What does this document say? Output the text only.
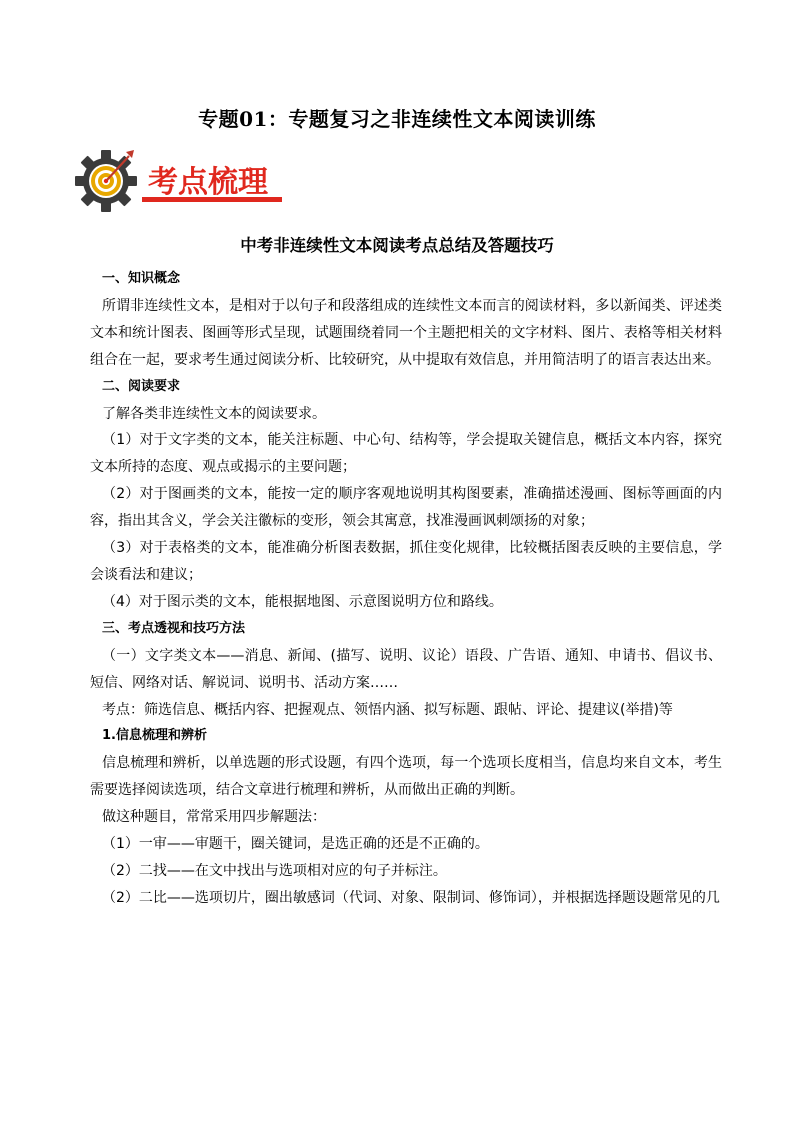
专题01：专题复习之非连续性文本阅读训练
考点梳理
中考非连续性文本阅读考点总结及答题技巧

一、知识概念

所谓非连续性文本，是相对于以句子和段落组成的连续性文本而言的阅读材料，多以新闻类、评述类文本和统计图表、图画等形式呈现，试题围绕着同一个主题把相关的文字材料、图片、表格等相关材料组合在一起，要求考生通过阅读分析、比较研究，从中提取有效信息，并用简洁明了的语言表达出来。

二、阅读要求

了解各类非连续性文本的阅读要求。

（1）对于文字类的文本，能关注标题、中心句、结构等，学会提取关键信息，概括文本内容，探究文本所持的态度、观点或揭示的主要问题；

（2）对于图画类的文本，能按一定的顺序客观地说明其构图要素，准确描述漫画、图标等画面的内容，指出其含义，学会关注徽标的变形，领会其寓意，找准漫画讽刺颂扬的对象；

（3）对于表格类的文本，能准确分析图表数据，抓住变化规律，比较概括图表反映的主要信息，学会谈看法和建议；

（4）对于图示类的文本，能根据地图、示意图说明方位和路线。

三、考点透视和技巧方法

（一）文字类文本——消息、新闻、(描写、说明、议论）语段、广告语、通知、申请书、倡议书、短信、网络对话、解说词、说明书、活动方案……

考点：筛选信息、概括内容、把握观点、领悟内涵、拟写标题、跟帖、评论、提建议(举措)等

1.信息梳理和辨析

信息梳理和辨析，以单选题的形式设题，有四个选项，每一个选项长度相当，信息均来自文本，考生需要选择阅读选项，结合文章进行梳理和辨析，从而做出正确的判断。

做这种题目，常常采用四步解题法：

（1）一审——审题干，圈关键词，是选正确的还是不正确的。

（2）二找——在文中找出与选项相对应的句子并标注。

（2）二比——选项切片，圈出敏感词（代词、对象、限制词、修饰词），并根据选择题设题常见的几
